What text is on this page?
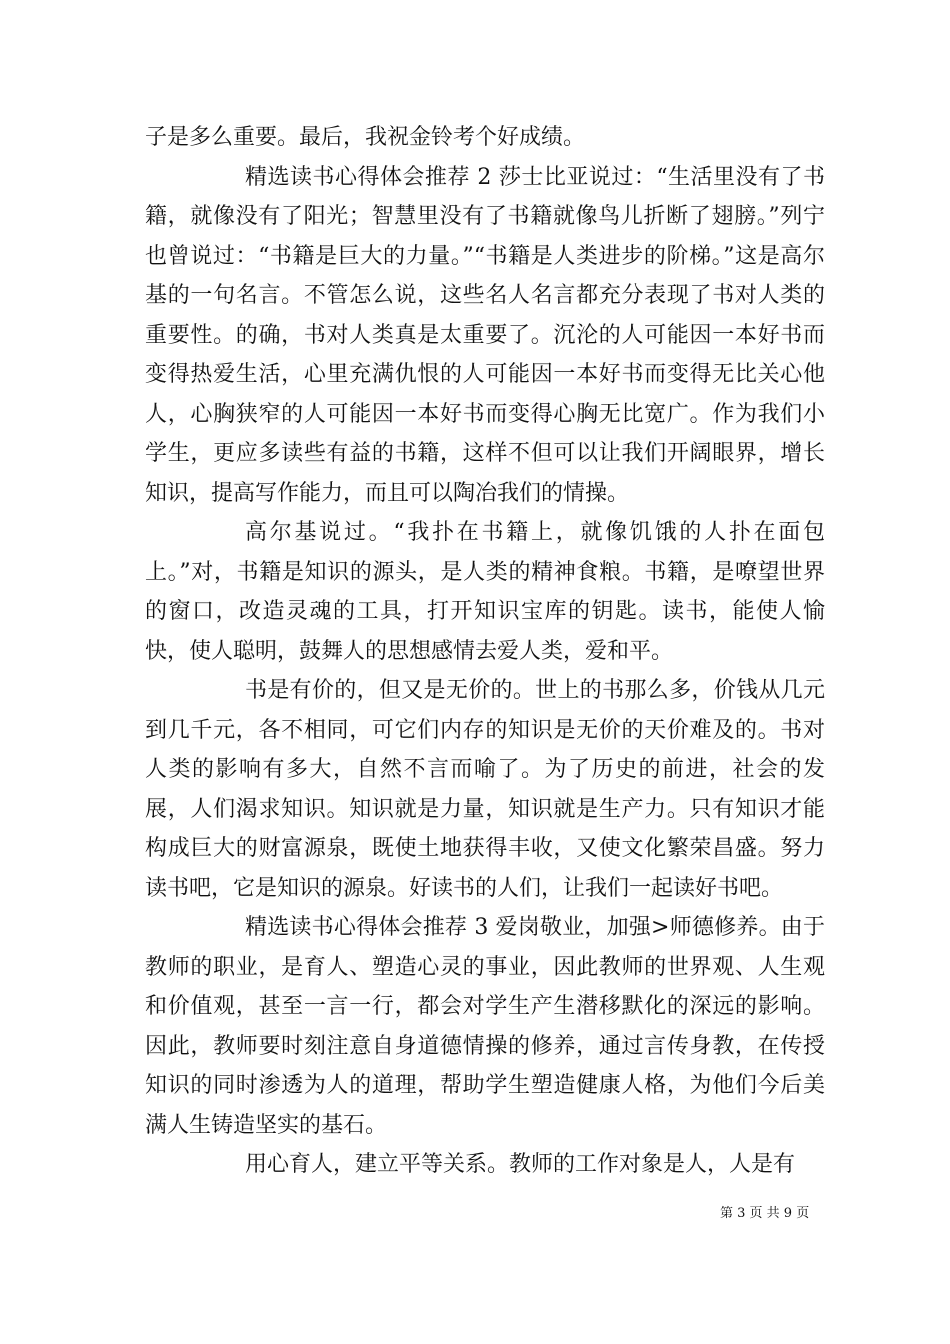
子是多么重要。最后，我祝金铃考个好成绩。

精选读书心得体会推荐 2 莎士比亚说过：“生活里没有了书籍，就像没有了阳光；智慧里没有了书籍就像鸟儿折断了翅膀。”列宁也曾说过：“书籍是巨大的力量。”“书籍是人类进步的阶梯。”这是高尔基的一句名言。不管怎么说，这些名人名言都充分表现了书对人类的重要性。的确，书对人类真是太重要了。沉沦的人可能因一本好书而变得热爱生活，心里充满仇恨的人可能因一本好书而变得无比关心他人，心胸狭窄的人可能因一本好书而变得心胸无比宽广。作为我们小学生，更应多读些有益的书籍，这样不但可以让我们开阔眼界，增长知识，提高写作能力，而且可以陶冶我们的情操。

高尔基说过。“我扑在书籍上，就像饥饿的人扑在面包上。”对，书籍是知识的源头，是人类的精神食粮。书籍，是嘹望世界的窗口，改造灵魂的工具，打开知识宝库的钥匙。读书，能使人愉快，使人聪明，鼓舞人的思想感情去爱人类，爱和平。

书是有价的，但又是无价的。世上的书那么多，价钱从几元到几千元，各不相同，可它们内存的知识是无价的天价难及的。书对人类的影响有多大，自然不言而喻了。为了历史的前进，社会的发展，人们渴求知识。知识就是力量，知识就是生产力。只有知识才能构成巨大的财富源泉，既使土地获得丰收，又使文化繁荣昌盛。努力读书吧，它是知识的源泉。好读书的人们，让我们一起读好书吧。

精选读书心得体会推荐 3 爱岗敬业，加强>师德修养。由于教师的职业，是育人、塑造心灵的事业，因此教师的世界观、人生观和价值观，甚至一言一行，都会对学生产生潜移默化的深远的影响。因此，教师要时刻注意自身道德情操的修养，通过言传身教，在传授知识的同时渗透为人的道理，帮助学生塑造健康人格，为他们今后美满人生铸造坚实的基石。

用心育人，建立平等关系。教师的工作对象是人，人是有

第 3 页 共 9 页
